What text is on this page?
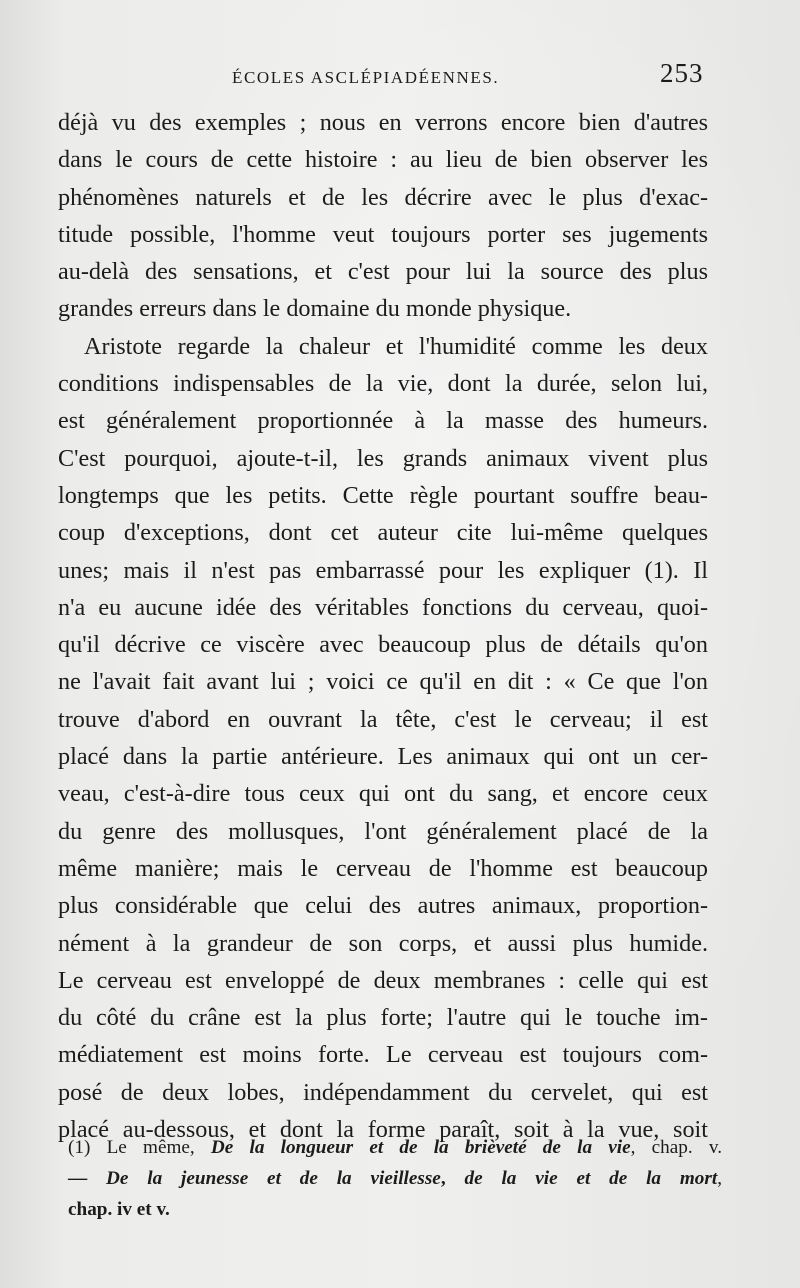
ÉCOLES ASCLÉPIADÉENNES.	253
déjà vu des exemples ; nous en verrons encore bien d'autres
dans le cours de cette histoire : au lieu de bien observer les
phénomènes naturels et de les décrire avec le plus d'exac-
titude possible, l'homme veut toujours porter ses jugements
au-delà des sensations, et c'est pour lui la source des plus
grandes erreurs dans le domaine du monde physique.
Aristote regarde la chaleur et l'humidité comme les deux
conditions indispensables de la vie, dont la durée, selon lui,
est généralement proportionnée à la masse des humeurs.
C'est pourquoi, ajoute-t-il, les grands animaux vivent plus
longtemps que les petits. Cette règle pourtant souffre beau-
coup d'exceptions, dont cet auteur cite lui-même quelques
unes; mais il n'est pas embarrassé pour les expliquer (1). Il
n'a eu aucune idée des véritables fonctions du cerveau, quoi-
qu'il décrive ce viscère avec beaucoup plus de détails qu'on
ne l'avait fait avant lui ; voici ce qu'il en dit : « Ce que l'on
trouve d'abord en ouvrant la tête, c'est le cerveau; il est
placé dans la partie antérieure. Les animaux qui ont un cer-
veau, c'est-à-dire tous ceux qui ont du sang, et encore ceux
du genre des mollusques, l'ont généralement placé de la
même manière; mais le cerveau de l'homme est beaucoup
plus considérable que celui des autres animaux, proportion-
nément à la grandeur de son corps, et aussi plus humide.
Le cerveau est enveloppé de deux membranes : celle qui est
du côté du crâne est la plus forte; l'autre qui le touche im-
médiatement est moins forte. Le cerveau est toujours com-
posé de deux lobes, indépendamment du cervelet, qui est
placé au-dessous, et dont la forme paraît, soit à la vue, soit
(1) Le même, De la longueur et de la brièveté de la vie, chap. v.
— De la jeunesse et de la vieillesse, de la vie et de la mort,
chap. iv et v.
